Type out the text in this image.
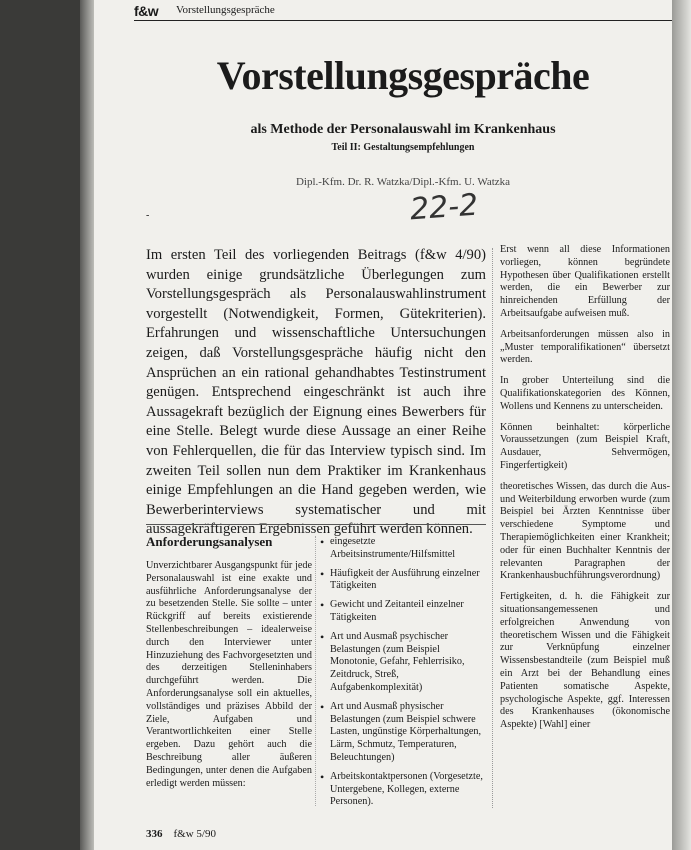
f&w Vorstellungsgespräche
Vorstellungsgespräche
als Methode der Personalauswahl im Krankenhaus
Teil II: Gestaltungsempfehlungen
Dipl.-Kfm. Dr. R. Watzka/Dipl.-Kfm. U. Watzka
22-2
-
Im ersten Teil des vorliegenden Beitrags (f&w 4/90) wurden einige grundsätzliche Überlegungen zum Vorstellungsgespräch als Personalauswahlinstrument vorgestellt (Notwendigkeit, Formen, Gütekriterien). Erfahrungen und wissenschaftliche Untersuchungen zeigen, daß Vorstellungsgespräche häufig nicht den Ansprüchen an ein rational gehandhabtes Testinstrument genügen. Entsprechend eingeschränkt ist auch ihre Aussagekraft bezüglich der Eignung eines Bewerbers für eine Stelle. Belegt wurde diese Aussage an einer Reihe von Fehlerquellen, die für das Interview typisch sind. Im zweiten Teil sollen nun dem Praktiker im Krankenhaus einige Empfehlungen an die Hand gegeben werden, wie Bewerberinterviews systematischer und mit aussagekräftigeren Ergebnissen geführt werden können.
Anforderungsanalysen

Unverzichtbarer Ausgangspunkt für jede Personalauswahl ist eine exakte und ausführliche Anforderungsanalyse der zu besetzenden Stelle. Sie sollte – unter Rückgriff auf bereits existierende Stellenbeschreibungen – idealerweise durch den Interviewer unter Hinzuziehung des Fachvorgesetzten und des derzeitigen Stelleninhabers durchgeführt werden. Die Anforderungsanalyse soll ein aktuelles, vollständiges und präzises Abbild der Ziele, Aufgaben und Verantwortlichkeiten einer Stelle ergeben. Dazu gehört auch die Beschreibung aller äußeren Bedingungen, unter denen die Aufgaben erledigt werden müssen:

• eingesetzte Arbeitsinstrumente/Hilfsmittel
• Häufigkeit der Ausführung einzelner Tätigkeiten
• Gewicht und Zeitanteil einzelner Tätigkeiten
• Art und Ausmaß psychischer Belastungen (zum Beispiel Monotonie, Gefahr, Fehlerrisiko, Zeitdruck, Streß, Aufgabenkomplexität)
• Art und Ausmaß physischer Belastungen (zum Beispiel schwere Lasten, ungünstige Körperhaltungen, Lärm, Schmutz, Temperaturen, Beleuchtungen)
• Arbeitskontaktpersonen (Vorgesetzte, Untergebene, Kollegen, externe Personen).

Erst wenn all diese Informationen vorliegen, können begründete Hypothesen über Qualifikationen erstellt werden, die ein Bewerber zur hinreichenden Erfüllung der Arbeitsaufgabe aufweisen muß.

Arbeitsanforderungen müssen also in „Muster temporalifikationen“ übersetzt werden.

In grober Unterteilung sind die Qualifikationskategorien des Können, Wollens und Kennens zu unterscheiden.

Können beinhaltet: körperliche Voraussetzungen (zum Beispiel Kraft, Ausdauer, Sehvermögen, Fingerfertigkeit)

theoretisches Wissen, das durch die Aus- und Weiterbildung erworben wurde (zum Beispiel bei Ärzten Kenntnisse über verschiedene Symptome und Therapiemöglichkeiten einer Krankheit; oder für einen Buchhalter Kenntnis der relevanten Paragraphen der Krankenhausbuchführungsverordnung)

Fertigkeiten, d. h. die Fähigkeit zur situationsangemessenen und erfolgreichen Anwendung von theoretischem Wissen und die Fähigkeit zur Verknüpfung einzelner Wissensbestandteile (zum Beispiel muß ein Arzt bei der Behandlung eines Patienten somatische Aspekte, psychologische Aspekte, ggf. Interessen des Krankenhauses (ökonomische Aspekte) [Wahl] einer

336 f&w 5/90
